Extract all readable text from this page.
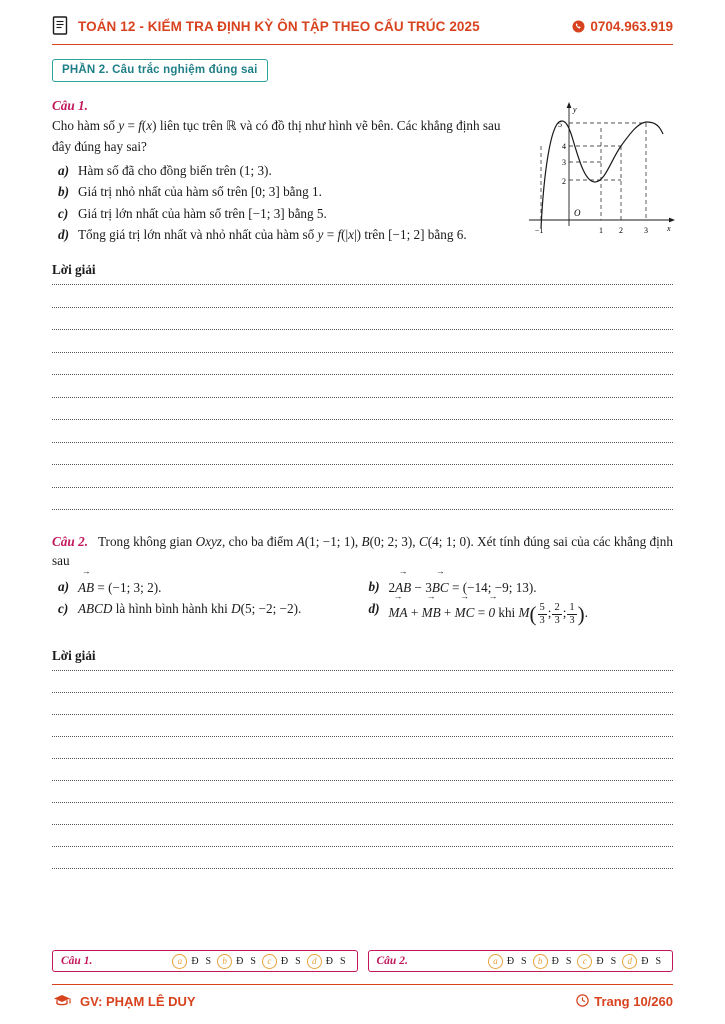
TOÁN 12 - KIỂM TRA ĐỊNH KỲ ÔN TẬP THEO CẤU TRÚC 2025	0704.963.919
PHẦN 2. Câu trắc nghiệm đúng sai
Câu 1.
Cho hàm số y = f(x) liên tục trên ℝ và có đồ thị như hình vẽ bên. Các khẳng định sau đây đúng hay sai?
a) Hàm số đã cho đồng biến trên (1; 3).
b) Giá trị nhỏ nhất của hàm số trên [0; 3] bằng 1.
c) Giá trị lớn nhất của hàm số trên [−1; 3] bằng 5.
d) Tổng giá trị lớn nhất và nhỏ nhất của hàm số y = f(|x|) trên [−1; 2] bằng 6.
5
4
3
2
−1	1 2	3
O
y
x
Lời giải
Câu 2.   Trong không gian Oxyz, cho ba điểm A(1; −1; 1), B(0; 2; 3), C(4; 1; 0). Xét tính đúng sai của các khẳng định sau
a) AB → = (−1; 3; 2).
c) ABCD là hình bình hành khi D(5; −2; −2).
b) 2AB → − 3BC → = (−14; −9; 13).
d) MA → + MB → + MC → = 0 → khi $M( \frac{5}{3}$ ; $\frac{2}{3}$ ; $\frac{1}{3}$ ).
Lời giải
Câu 1.	a Đ S	b Đ S	c Đ S	d Đ S	Câu 2.	a Đ S	b Đ S	c Đ S	d Đ S
GV: PHẠM LÊ DUY	Trang 10/260
